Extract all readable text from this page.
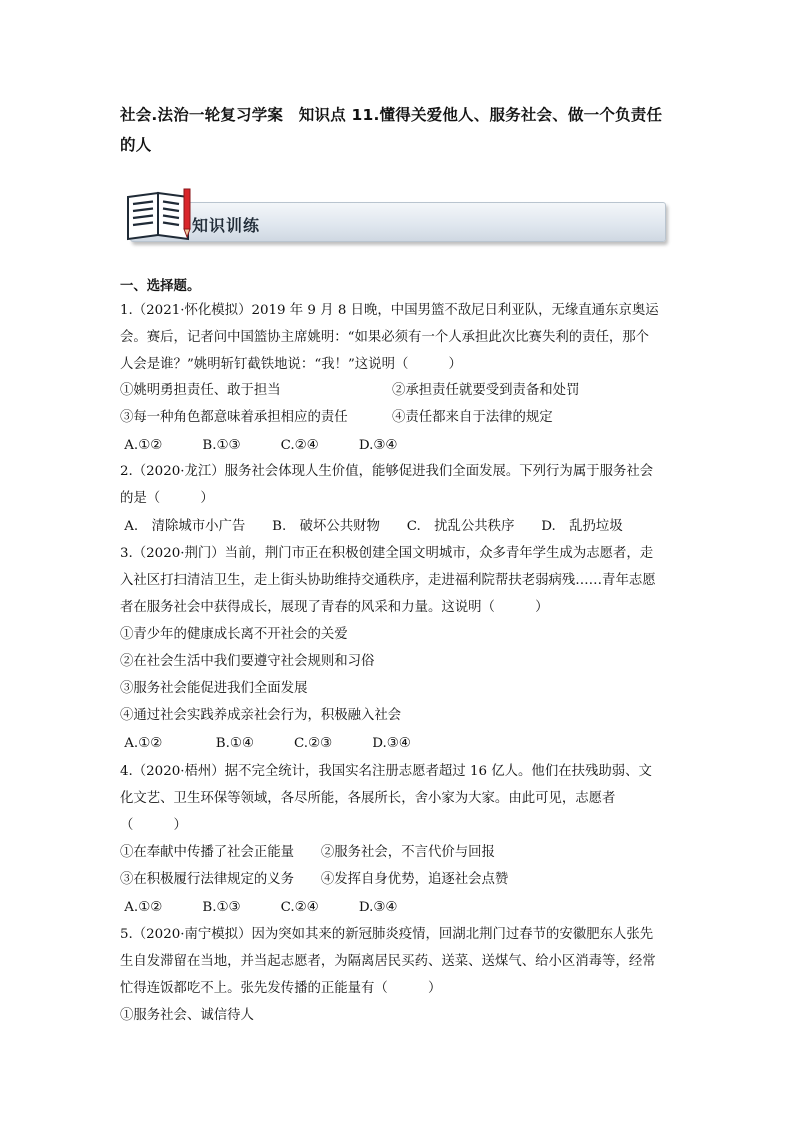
社会.法治一轮复习学案　知识点 11.懂得关爱他人、服务社会、做一个负责任
的人
知识训练
一、选择题。
1.（2021·怀化模拟）2019 年 9 月 8 日晚，中国男篮不敌尼日利亚队，无缘直通东京奥运
会。赛后，记者问中国篮协主席姚明：“如果必须有一个人承担此次比赛失利的责任，那个
人会是谁？”姚明斩钉截铁地说：“我！”这说明（　　　）
①姚明勇担责任、敢于担当	②承担责任就要受到责备和处罚
③每一种角色都意味着承担相应的责任	④责任都来自于法律的规定
A.①②　　　B.①③　　　C.②④　　　D.③④
2.（2020·龙江）服务社会体现人生价值，能够促进我们全面发展。下列行为属于服务社会
的是（　　　）
A.　清除城市小广告　　B.　破坏公共财物　　C.　扰乱公共秩序　　D.　乱扔垃圾
3.（2020·荆门）当前，荆门市正在积极创建全国文明城市，众多青年学生成为志愿者，走
入社区打扫清洁卫生，走上街头协助维持交通秩序，走进福利院帮扶老弱病残……青年志愿
者在服务社会中获得成长，展现了青春的风采和力量。这说明（　　　）
①青少年的健康成长离不开社会的关爱
②在社会生活中我们要遵守社会规则和习俗
③服务社会能促进我们全面发展
④通过社会实践养成亲社会行为，积极融入社会
A.①②　　　　B.①④　　　C.②③　　　D.③④
4.（2020·梧州）据不完全统计，我国实名注册志愿者超过 16 亿人。他们在扶残助弱、文
化文艺、卫生环保等领域，各尽所能，各展所长，舍小家为大家。由此可见，志愿者
（　　　）
①在奉献中传播了社会正能量　　②服务社会，不言代价与回报
③在积极履行法律规定的义务　　④发挥自身优势，追逐社会点赞
A.①②　　　B.①③　　　C.②④　　　D.③④
5.（2020·南宁模拟）因为突如其来的新冠肺炎疫情，回湖北荆门过春节的安徽肥东人张先
生自发滞留在当地，并当起志愿者，为隔离居民买药、送菜、送煤气、给小区消毒等，经常
忙得连饭都吃不上。张先发传播的正能量有（　　　）
①服务社会、诚信待人
